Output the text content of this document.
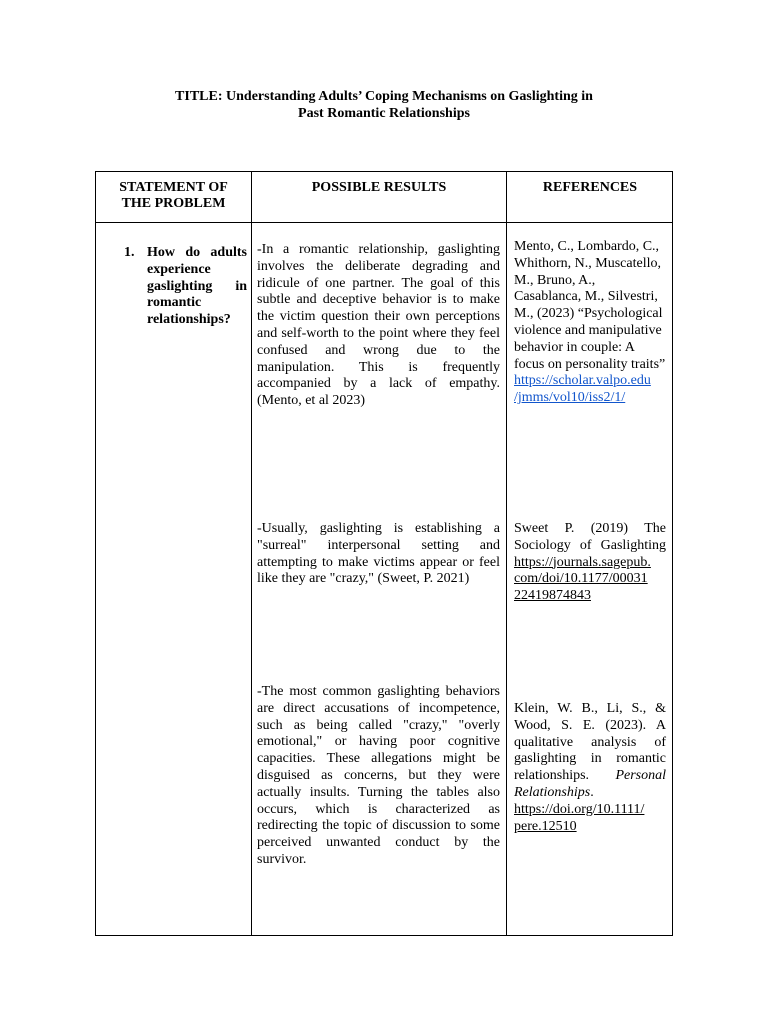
TITLE: Understanding Adults’ Coping Mechanisms on Gaslighting in
Past Romantic Relationships
STATEMENT OF
THE PROBLEM
POSSIBLE RESULTS	REFERENCES
1. How do adults experience gaslighting in romantic relationships?
-In a romantic relationship, gaslighting involves the deliberate degrading and ridicule of one partner. The goal of this subtle and deceptive behavior is to make the victim question their own perceptions and self-worth to the point where they feel confused and wrong due to the manipulation. This is frequently accompanied by a lack of empathy. (Mento, et al 2023)
-Usually, gaslighting is establishing a "surreal" interpersonal setting and attempting to make victims appear or feel like they are "crazy," (Sweet, P. 2021)
-The most common gaslighting behaviors are direct accusations of incompetence, such as being called "crazy," "overly emotional," or having poor cognitive capacities. These allegations might be disguised as concerns, but they were actually insults. Turning the tables also occurs, which is characterized as redirecting the topic of discussion to some perceived unwanted conduct by the survivor.
Mento, C., Lombardo, C., Whithorn, N., Muscatello, M., Bruno, A., Casablanca, M., Silvestri, M., (2023) “Psychological violence and manipulative behavior in couple: A focus on personality traits”
https://scholar.valpo.edu
/jmms/vol10/iss2/1/
Sweet P. (2019) The Sociology of Gaslighting
https://journals.sagepub.
com/doi/10.1177/00031
22419874843
Klein, W. B., Li, S., & Wood, S. E. (2023). A qualitative analysis of gaslighting in romantic relationships. Personal Relationships.
https://doi.org/10.1111/
pere.12510
